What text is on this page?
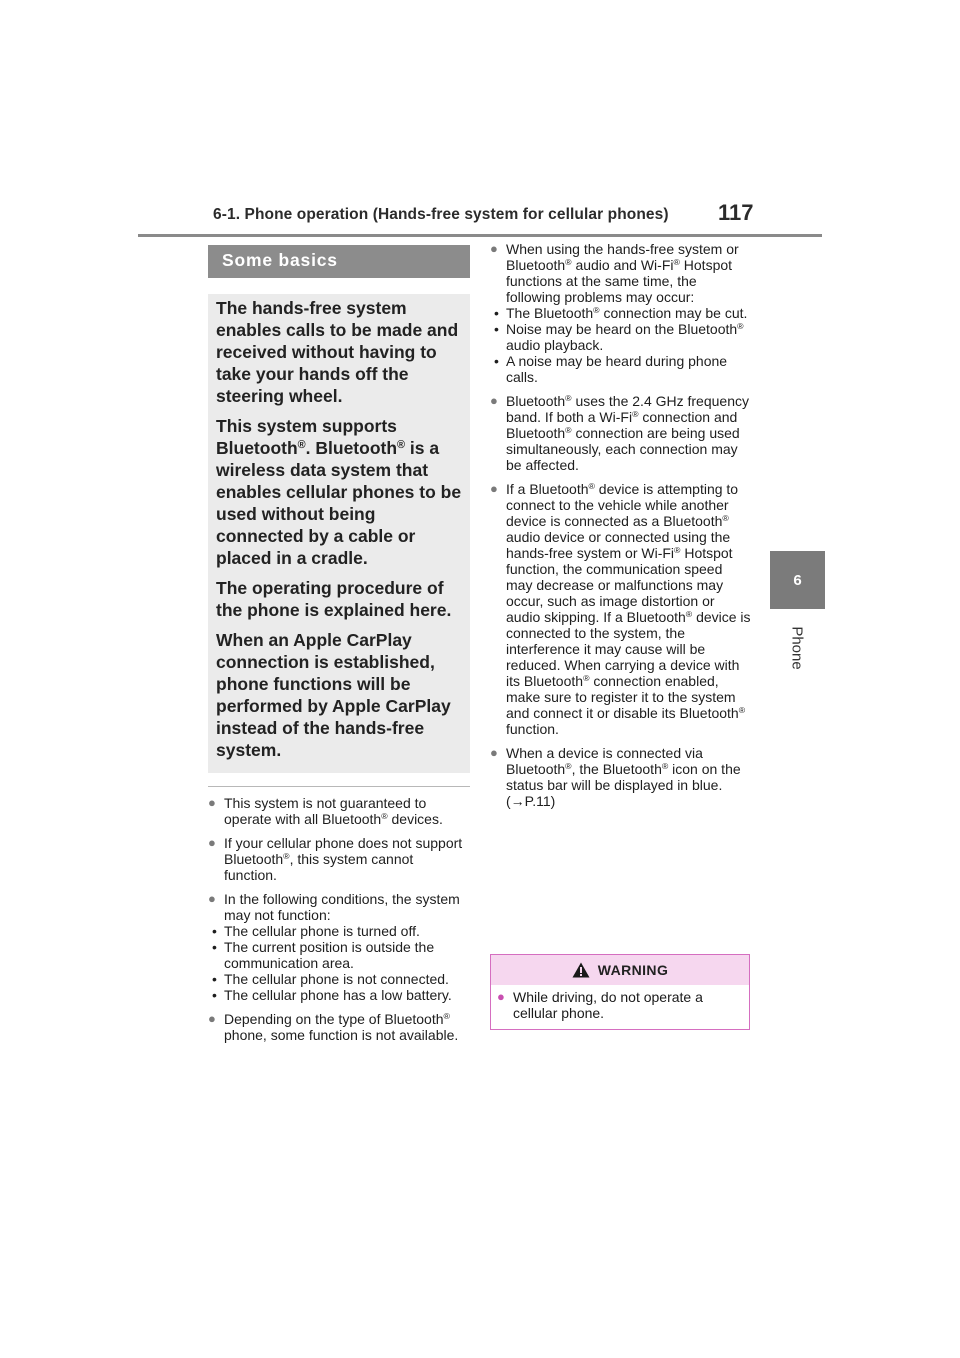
6-1. Phone operation (Hands-free system for cellular phones) 117
6
Phone
Some basics

The hands-free system enables calls to be made and received without having to take your hands off the steering wheel.

This system supports Bluetooth®. Bluetooth® is a wireless data system that enables cellular phones to be used without being connected by a cable or placed in a cradle.

The operating procedure of the phone is explained here.

When an Apple CarPlay connection is established, phone functions will be performed by Apple CarPlay instead of the hands-free system.

● This system is not guaranteed to operate with all Bluetooth® devices.
● If your cellular phone does not support Bluetooth®, this system cannot function.
● In the following conditions, the system may not function:
• The cellular phone is turned off.
• The current position is outside the communication area.
• The cellular phone is not connected.
• The cellular phone has a low battery.
● Depending on the type of Bluetooth® phone, some function is not available.
● When using the hands-free system or Bluetooth® audio and Wi-Fi® Hotspot functions at the same time, the following problems may occur:
• The Bluetooth® connection may be cut.
• Noise may be heard on the Bluetooth® audio playback.
• A noise may be heard during phone calls.
● Bluetooth® uses the 2.4 GHz frequency band. If both a Wi-Fi® connection and Bluetooth® connection are being used simultaneously, each connection may be affected.
● If a Bluetooth® device is attempting to connect to the vehicle while another device is connected as a Bluetooth® audio device or connected using the hands-free system or Wi-Fi® Hotspot function, the communication speed may decrease or malfunctions may occur, such as image distortion or audio skipping. If a Bluetooth® device is connected to the system, the interference it may cause will be reduced. When carrying a device with its Bluetooth® connection enabled, make sure to register it to the system and connect it or disable its Bluetooth® function.
● When a device is connected via Bluetooth®, the Bluetooth® icon on the status bar will be displayed in blue. (→P.11)
WARNING
● While driving, do not operate a cellular phone.
